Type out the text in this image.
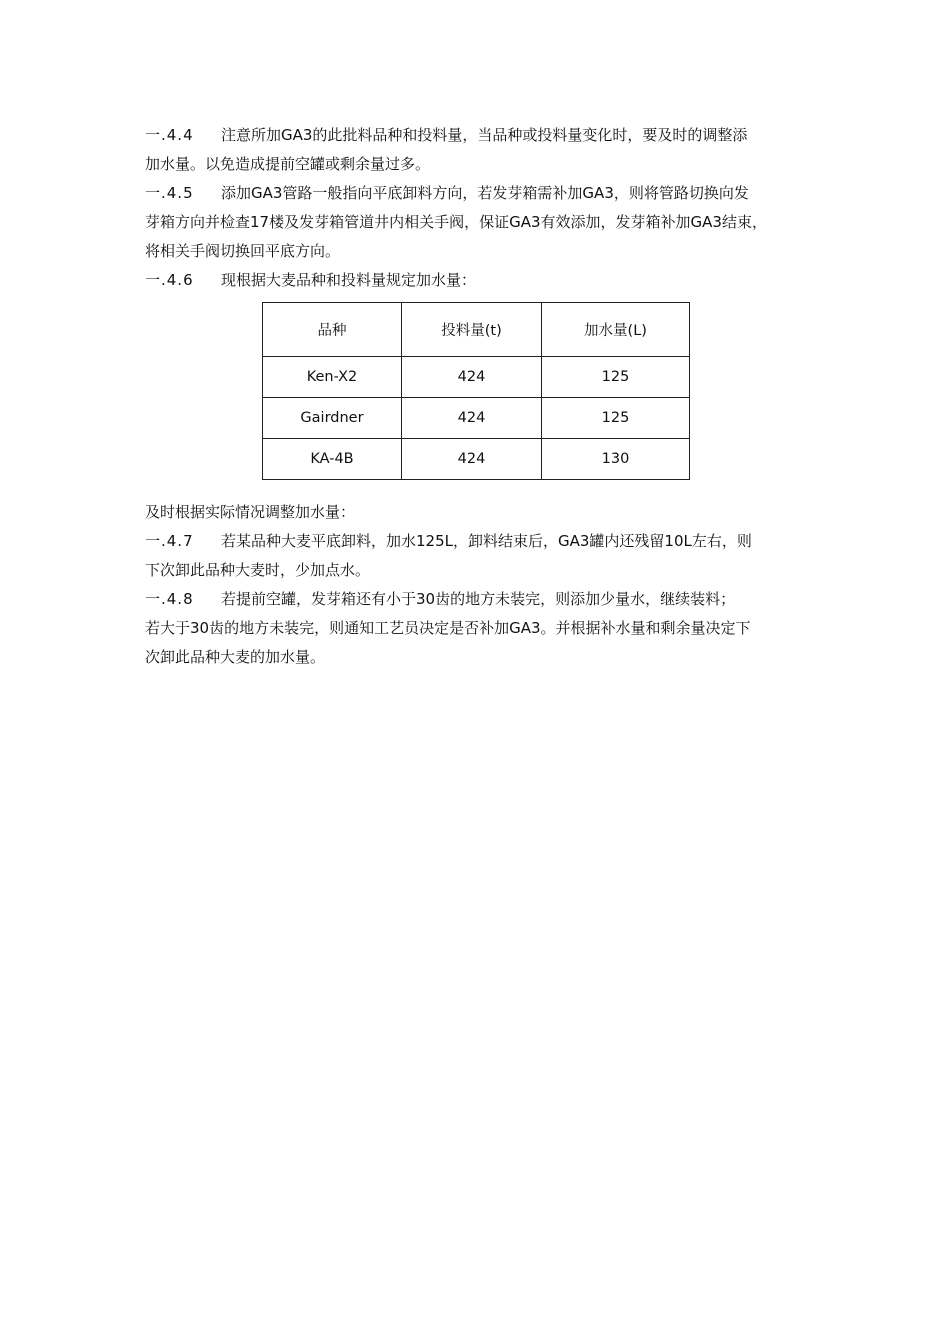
一.4.4 注意所加GA3的此批料品种和投料量，当品种或投料量变化时，要及时的调整添
加水量。以免造成提前空罐或剩余量过多。

一.4.5 添加GA3管路一般指向平底卸料方向，若发芽箱需补加GA3，则将管路切换向发
芽箱方向并检查17楼及发芽箱管道井内相关手阀，保证GA3有效添加，发芽箱补加GA3结束，
将相关手阀切换回平底方向。

一.4.6 现根据大麦品种和投料量规定加水量：

品种	投料量(t)	加水量(L)
Ken-X2	424	125
Gairdner	424	125
KA-4B	424	130

及时根据实际情况调整加水量：

一.4.7 若某品种大麦平底卸料，加水125L，卸料结束后，GA3罐内还残留10L左右，则
下次卸此品种大麦时，少加点水。

一.4.8 若提前空罐，发芽箱还有小于30齿的地方未装完，则添加少量水，继续装料；
若大于30齿的地方未装完，则通知工艺员决定是否补加GA3。并根据补水量和剩余量决定下
次卸此品种大麦的加水量。
